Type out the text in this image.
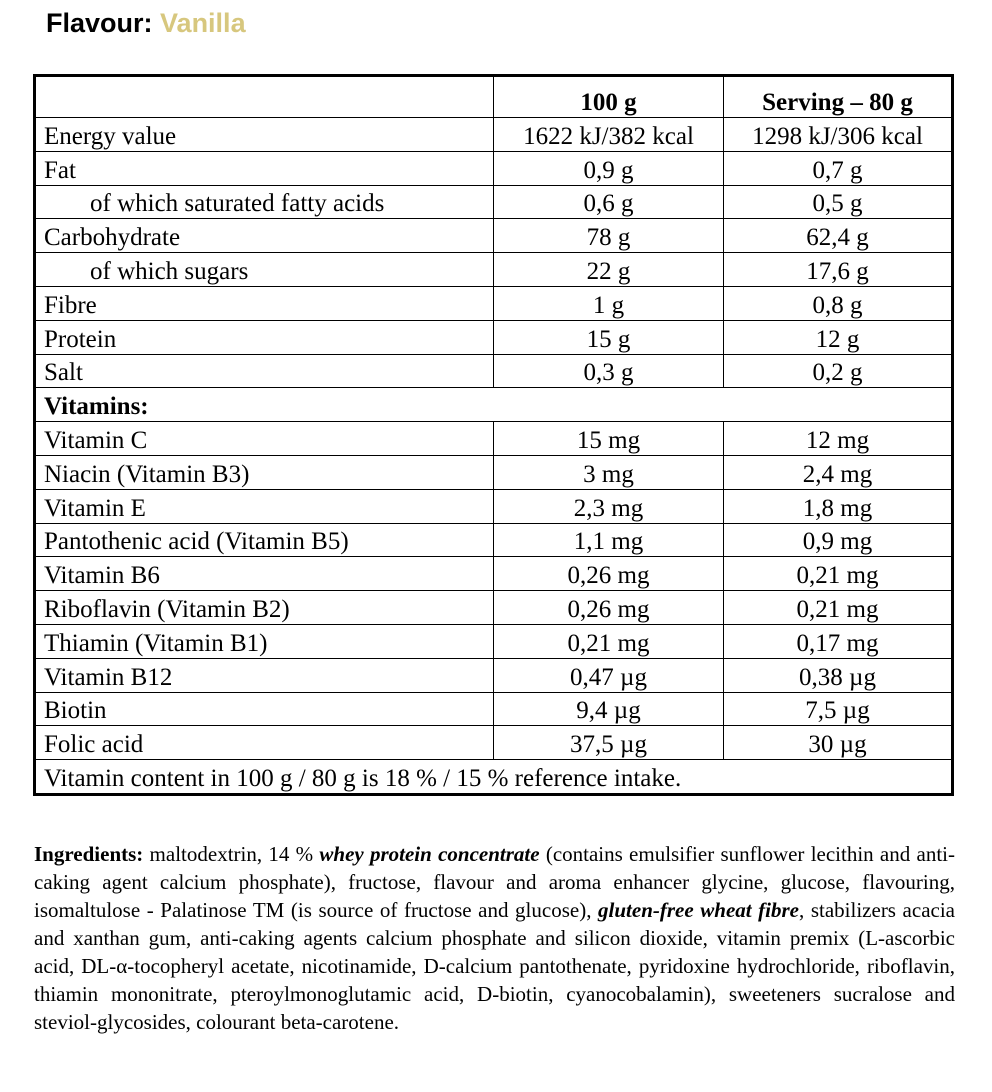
Flavour: Vanilla
	100 g	Serving – 80 g
Energy value	1622 kJ/382 kcal	1298 kJ/306 kcal
Fat	0,9 g	0,7 g
of which saturated fatty acids	0,6 g	0,5 g
Carbohydrate	78 g	62,4 g
of which sugars	22 g	17,6 g
Fibre	1 g	0,8 g
Protein	15 g	12 g
Salt	0,3 g	0,2 g
Vitamins:		
Vitamin C	15 mg	12 mg
Niacin (Vitamin B3)	3 mg	2,4 mg
Vitamin E	2,3 mg	1,8 mg
Pantothenic acid (Vitamin B5)	1,1 mg	0,9 mg
Vitamin B6	0,26 mg	0,21 mg
Riboflavin (Vitamin B2)	0,26 mg	0,21 mg
Thiamin (Vitamin B1)	0,21 mg	0,17 mg
Vitamin B12	0,47 µg	0,38 µg
Biotin	9,4 µg	7,5 µg
Folic acid	37,5 µg	30 µg
Vitamin content in 100 g / 80 g is 18 % / 15 % reference intake.		
Ingredients: maltodextrin, 14 % whey protein concentrate (contains emulsifier sunflower lecithin and anti-caking agent calcium phosphate), fructose, flavour and aroma enhancer glycine, glucose, flavouring, isomaltulose - Palatinose TM (is source of fructose and glucose), gluten-free wheat fibre, stabilizers acacia and xanthan gum, anti-caking agents calcium phosphate and silicon dioxide, vitamin premix (L-ascorbic acid, DL-α-tocopheryl acetate, nicotinamide, D-calcium pantothenate, pyridoxine hydrochloride, riboflavin, thiamin mononitrate, pteroylmonoglutamic acid, D-biotin, cyanocobalamin), sweeteners sucralose and steviol-glycosides, colourant beta-carotene.
